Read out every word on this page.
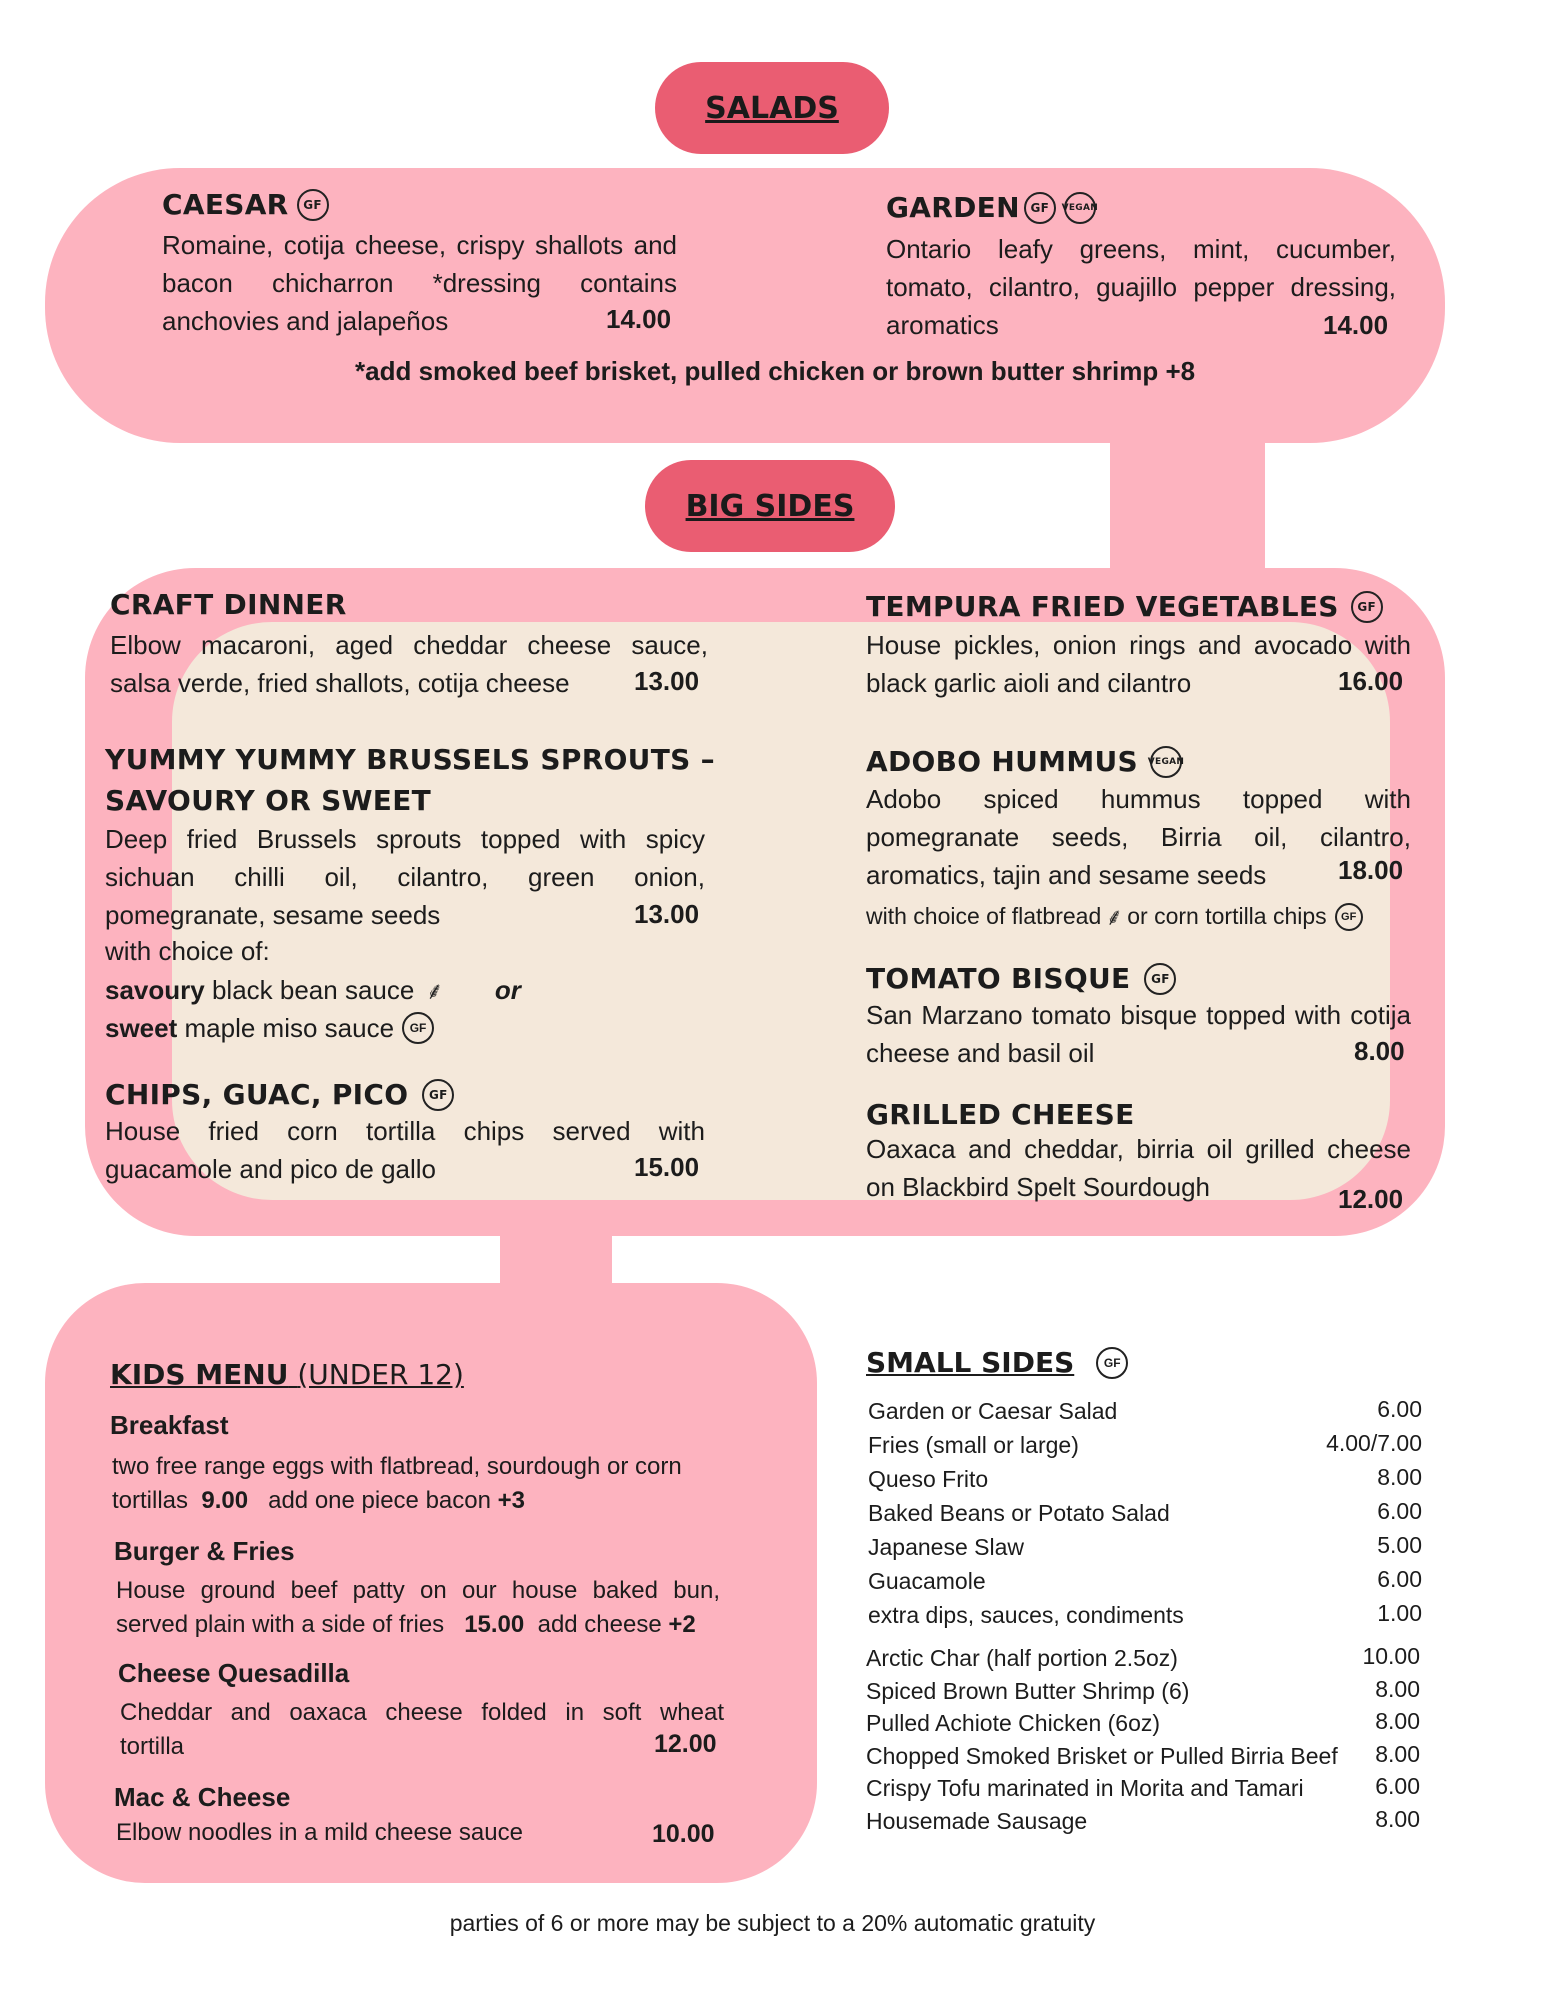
SALADS
CAESAR	GF
Romaine, cotija cheese, crispy shallots and bacon chicharron *dressing contains anchovies and jalapeños	14.00
GARDEN GF	VEGAN
Ontario leafy greens, mint, cucumber, tomato, cilantro, guajillo pepper dressing, aromatics	14.00
*add smoked beef brisket, pulled chicken or brown butter shrimp +8
BIG SIDES
CRAFT DINNER
Elbow macaroni, aged cheddar cheese sauce, salsa verde, fried shallots, cotija cheese	13.00
YUMMY YUMMY BRUSSELS SPROUTS –
SAVOURY OR SWEET
Deep fried Brussels sprouts topped with spicy sichuan chilli oil, cilantro, green onion, pomegranate, sesame seeds	13.00
with choice of:
savoury black bean sauce ⸙ or
sweet
maple miso sauce	GF
CHIPS, GUAC, PICO	GF
House fried corn tortilla chips served with guacamole and pico de gallo	15.00
TEMPURA FRIED VEGETABLES	GF
House pickles, onion rings and avocado with black garlic aioli and cilantro	16.00
ADOBO HUMMUS VEGAN
Adobo spiced hummus topped with pomegranate seeds, Birria oil, cilantro, aromatics, tajin and sesame seeds	18.00
with choice of flatbread ⸙ or corn tortilla chips	GF
TOMATO BISQUE	GF
San Marzano tomato bisque topped with cotija cheese and basil oil	8.00
GRILLED CHEESE
Oaxaca and cheddar, birria oil grilled cheese on Blackbird Spelt Sourdough	12.00
KIDS MENU (UNDER 12)
Breakfast
two free range eggs with flatbread, sourdough or corn
tortillas 9.00 add one piece bacon +3
Burger & Fries
House ground beef patty on our house baked bun,
served plain with a side of fries 15.00 add cheese +2
Cheese Quesadilla
Cheddar and oaxaca cheese folded in soft wheat
tortilla	12.00
Mac & Cheese
Elbow noodles in a mild cheese sauce	10.00
SMALL SIDES	GF
Garden or Caesar Salad	6.00
Fries (small or large)	4.00/7.00
Queso Frito	8.00
Baked Beans or Potato Salad	6.00
Japanese Slaw	5.00
Guacamole	6.00
extra dips, sauces, condiments	1.00
Arctic Char (half portion 2.5oz)	10.00
Spiced Brown Butter Shrimp (6)	8.00
Pulled Achiote Chicken (6oz)	8.00
Chopped Smoked Brisket or Pulled Birria Beef	8.00
Crispy Tofu marinated in Morita and Tamari	6.00
Housemade Sausage	8.00
parties of 6 or more may be subject to a 20% automatic gratuity
